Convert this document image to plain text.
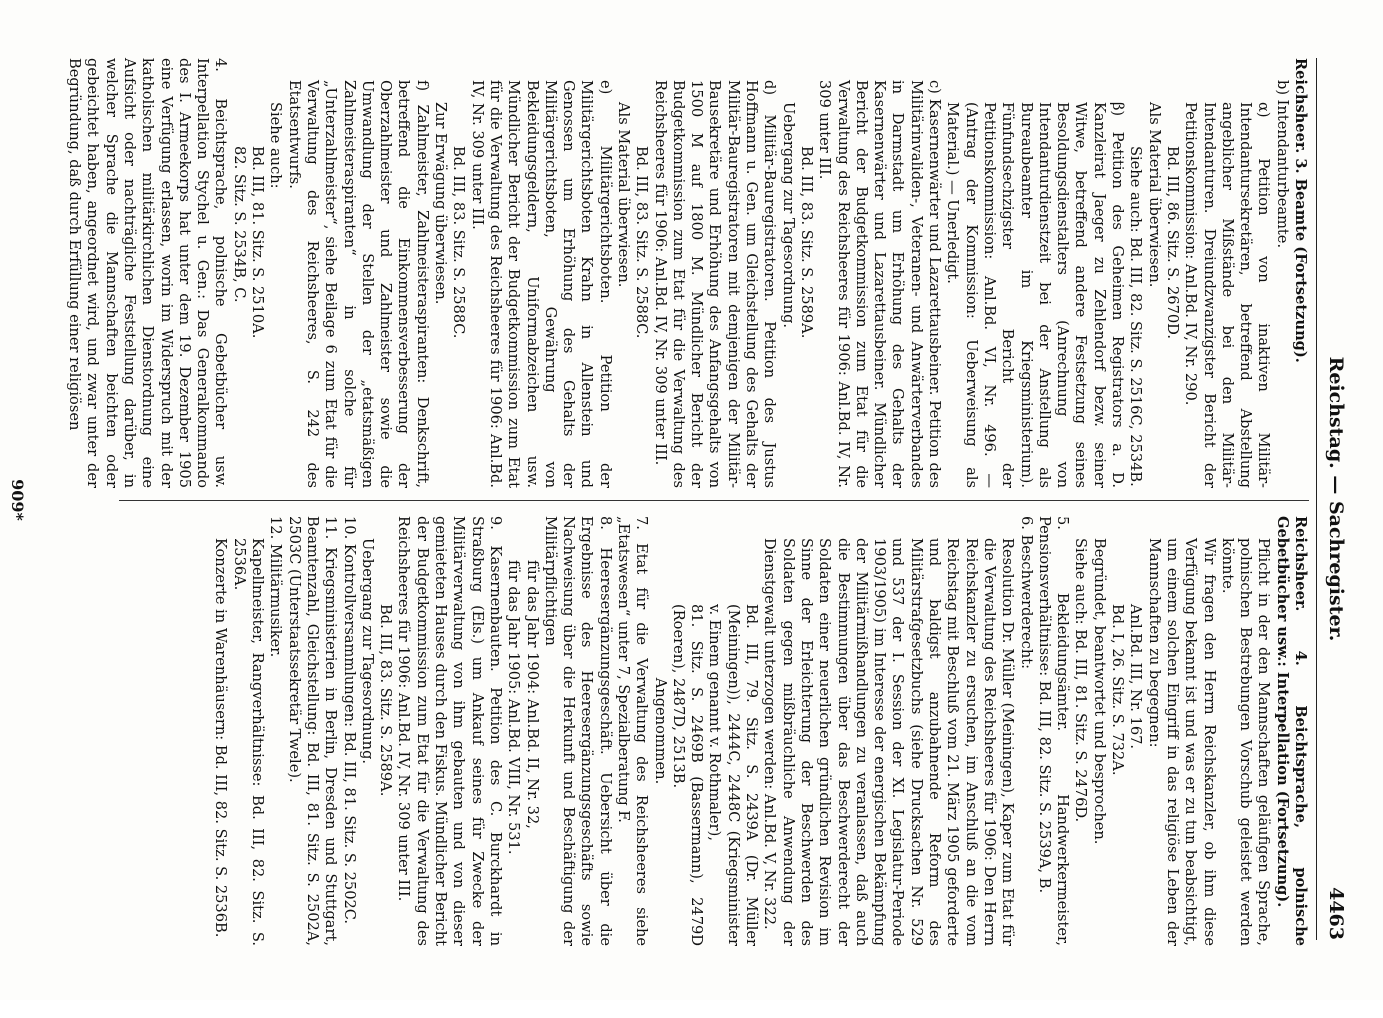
Reichstag. — Sachregister.
4463

Reichsheer. 3. Beamte (Fortsetzung).

b) Intendanturbeamte.

α) Petition von inaktiven Militär-Intendantursekretären, betreffend Abstellung angeblicher Mißstände bei den Militär-Intendanturen. Dreiundzwanzigster Bericht der Petitionskommission: Anl.Bd. IV, Nr. 290.

Bd. III, 86. Sitz. S. 2670D.

Als Material überwiesen.

Siehe auch: Bd. III, 82. Sitz. S. 2516C, 2534B.

β) Petition des Geheimen Registrators a. D. Kanzleirat Jaeger zu Zehlendorf bezw. seiner Witwe, betreffend andere Festsetzung seines Besoldungsdienstalters (Anrechnung von Intendanturdienstzeit bei der Anstellung als Bureaubeamter im Kriegsministerium). Fünfundsechzigster Bericht der Petitionskommission: Anl.Bd. VI, Nr. 496. — (Antrag der Kommission: Ueberweisung als Material.) — Unerledigt.

c) Kasernenwärter und Lazarettausbeiner. Petition des Militärinvaliden-, Veteranen- und Anwärterverbandes in Darmstadt um Erhöhung des Gehalts der Kasernenwärter und Lazarettausbeiner. Mündlicher Bericht der Budgetkommission zum Etat für die Verwaltung des Reichsheeres für 1906: Anl.Bd. IV, Nr. 309 unter III.

Bd. III, 83. Sitz. S. 2589A.

Uebergang zur Tagesordnung.

d) Militär-Bauregistratoren. Petition des Justus Hoffmann u. Gen. um Gleichstellung des Gehalts der Militär-Bauregistratoren mit demjenigen der Militär-Bausekretäre und Erhöhung des Anfangsgehalts von 1500 M auf 1800 M. Mündlicher Bericht der Budgetkommission zum Etat für die Verwaltung des Reichsheeres für 1906: Anl.Bd. IV, Nr. 309 unter III.

Bd. III, 83. Sitz. S. 2588C.

Als Material überwiesen.

e) Militärgerichtsboten. Petition der Militärgerichtsboten Krahn in Allenstein und Genossen um Erhöhung des Gehalts der Militärgerichtsboten, Gewährung von Bekleidungsgeldern, Uniformabzeichen usw. Mündlicher Bericht der Budgetkommission zum Etat für die Verwaltung des Reichsheeres für 1906: Anl.Bd. IV, Nr. 309 unter III.

Bd. III, 83. Sitz. S. 2588C.

Zur Erwägung überwiesen.

f) Zahlmeister, Zahlmeisteraspiranten: Denkschrift, betreffend die Einkommensverbesserung der Oberzahlmeister und Zahlmeister sowie die Umwandlung der Stellen der „etatsmäßigen Zahlmeisteraspiranten“ in solche für „Unterzahlmeister“, siehe Beilage 6 zum Etat für die Verwaltung des Reichsheeres, S. 242 des Etatsentwurfs.

Siehe auch:

Bd. III, 81. Sitz. S. 2510A.

82. Sitz. S. 2534B, C.

4. Beichtsprache, polnische Gebetbücher usw. Interpellation Stychel u. Gen.: Das Generalkommando des I. Armeekorps hat unter dem 19. Dezember 1905 eine Verfügung erlassen, worin im Widerspruch mit der katholischen militärkirchlichen Dienstordnung eine Aufsicht oder nachträgliche Feststellung darüber, in welcher Sprache die Mannschaften beichten oder gebeichtet haben, angeordnet wird, und zwar unter der Begründung, daß durch Erfüllung einer religiösen

Reichsheer. 4. Beichtsprache, polnische Gebetbücher usw.: Interpellation (Fortsetzung).

Pflicht in der den Mannschaften geläufigen Sprache, polnischen Bestrebungen Vorschub geleistet werden könnte.

Wir fragen den Herrn Reichskanzler, ob ihm diese Verfügung bekannt ist und was er zu tun beabsichtigt, um einem solchen Eingriff in das religiöse Leben der Mannschaften zu begegnen:

Anl.Bd. III, Nr. 167.

Bd. I, 26. Sitz. S. 732A.

Begründet, beantwortet und besprochen.

Siehe auch: Bd. III, 81. Sitz. S. 2476D.

5. Bekleidungsämter. Handwerkermeister, Pensionsverhältnisse: Bd. III, 82. Sitz. S. 2539A, B.

6. Beschwerderecht:

Resolution Dr. Müller (Meiningen), Kaper zum Etat für die Verwaltung des Reichsheeres für 1906: Den Herrn Reichskanzler zu ersuchen, im Anschluß an die vom Reichstag mit Beschluß vom 21. März 1905 geforderte und baldigst anzubahnende Reform des Militärstrafgesetzbuchs (siehe Drucksachen Nr. 529 und 537 der I. Session der XI. Legislatur-Periode 1903/1905) im Interesse der energischen Bekämpfung der Militärmißhandlungen zu veranlassen, daß auch die Bestimmungen über das Beschwerderecht der Soldaten einer neuerlichen gründlichen Revision im Sinne der Erleichterung der Beschwerden des Soldaten gegen mißbräuchliche Anwendung der Dienstgewalt unterzogen werden: Anl.Bd. V, Nr. 322.

Bd. III, 79. Sitz. S. 2439A (Dr. Müller (Meiningen)), 2444C, 2448C (Kriegsminister v. Einem genannt v. Rothmaler),

81. Sitz. S. 2469B (Bassermann), 2479D (Roeren), 2487D, 2513B.

Angenommen.

7. Etat für die Verwaltung des Reichsheeres siehe „Etatswesen“ unter 7, Spezialberatung F.

8. Heeresergänzungsgeschäft. Uebersicht über die Ergebnisse des Heeresergänzungsgeschäfts sowie Nachweisung über die Herkunft und Beschäftigung der Militärpflichtigen

für das Jahr 1904: Anl.Bd. II, Nr. 32,

für das Jahr 1905: Anl.Bd. VIII, Nr. 531.

9. Kasernenbauten. Petition des C. Burckhardt in Straßburg (Els.) um Ankauf seines für Zwecke der Militärverwaltung von ihm gebauten und von dieser gemieteten Hauses durch den Fiskus. Mündlicher Bericht der Budgetkommission zum Etat für die Verwaltung des Reichsheeres für 1906: Anl.Bd. IV, Nr. 309 unter III.

Bd. III, 83. Sitz. S. 2589A.

Uebergang zur Tagesordnung.

10. Kontrollversammlungen: Bd. III, 81. Sitz. S. 2502C.

11. Kriegsministerien in Berlin, Dresden und Stuttgart, Beamtenzahl, Gleichstellung: Bd. III, 81. Sitz. S. 2502A, 2503C (Unterstaatssekretär Twele).

12. Militärmusiker.

Kapellmeister, Rangverhältnisse: Bd. III, 82. Sitz. S. 2536A.

Konzerte in Warenhäusern: Bd. III, 82. Sitz. S. 2536B.

909*
